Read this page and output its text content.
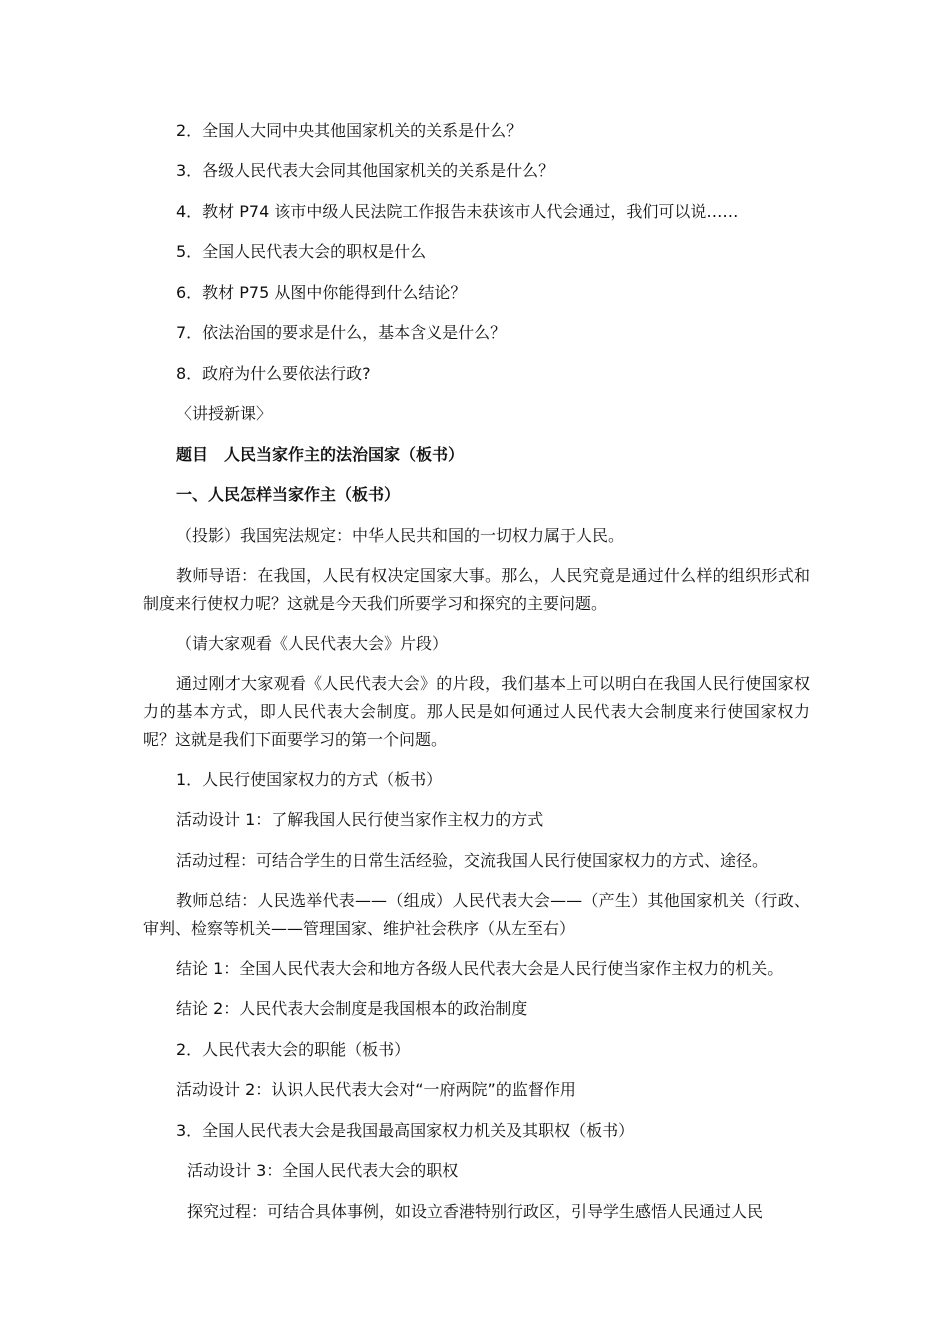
2．全国人大同中央其他国家机关的关系是什么？
3．各级人民代表大会同其他国家机关的关系是什么？
4．教材 P74 该市中级人民法院工作报告未获该市人代会通过，我们可以说……
5．全国人民代表大会的职权是什么
6．教材 P75 从图中你能得到什么结论？
7．依法治国的要求是什么，基本含义是什么？
8．政府为什么要依法行政?
〈讲授新课〉
题目　人民当家作主的法治国家（板书）
一、人民怎样当家作主（板书）
（投影）我国宪法规定：中华人民共和国的一切权力属于人民。
教师导语：在我国，人民有权决定国家大事。那么，人民究竟是通过什么样的组织形式和制度来行使权力呢？这就是今天我们所要学习和探究的主要问题。
（请大家观看《人民代表大会》片段）
通过刚才大家观看《人民代表大会》的片段，我们基本上可以明白在我国人民行使国家权力的基本方式，即人民代表大会制度。那人民是如何通过人民代表大会制度来行使国家权力呢？这就是我们下面要学习的第一个问题。
1．人民行使国家权力的方式（板书）
活动设计 1：了解我国人民行使当家作主权力的方式
活动过程：可结合学生的日常生活经验，交流我国人民行使国家权力的方式、途径。
教师总结：人民选举代表——（组成）人民代表大会——（产生）其他国家机关（行政、审判、检察等机关——管理国家、维护社会秩序（从左至右）
结论 1：全国人民代表大会和地方各级人民代表大会是人民行使当家作主权力的机关。
结论 2：人民代表大会制度是我国根本的政治制度
2．人民代表大会的职能（板书）
活动设计 2：认识人民代表大会对“一府两院”的监督作用
3．全国人民代表大会是我国最高国家权力机关及其职权（板书）
活动设计 3：全国人民代表大会的职权
探究过程：可结合具体事例，如设立香港特别行政区，引导学生感悟人民通过人民
